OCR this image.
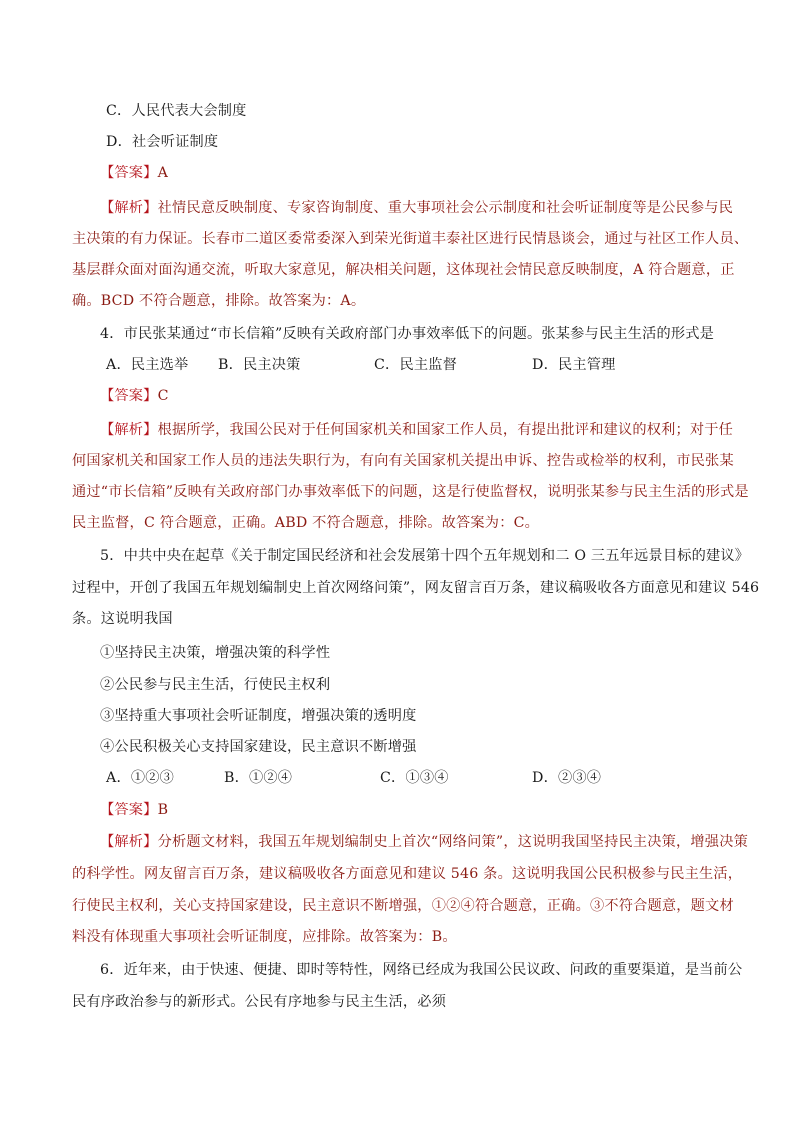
C．人民代表大会制度
D．社会听证制度
【答案】A
【解析】社情民意反映制度、专家咨询制度、重大事项社会公示制度和社会听证制度等是公民参与民
主决策的有力保证。长春市二道区委常委深入到荣光街道丰泰社区进行民情恳谈会，通过与社区工作人员、
基层群众面对面沟通交流，听取大家意见，解决相关问题，这体现社会情民意反映制度，A 符合题意，正
确。BCD 不符合题意，排除。故答案为：A。
4．市民张某通过“市长信箱”反映有关政府部门办事效率低下的问题。张某参与民主生活的形式是
A．民主选举 B．民主决策	C．民主监督	D．民主管理
【答案】C
【解析】根据所学，我国公民对于任何国家机关和国家工作人员，有提出批评和建议的权利；对于任
何国家机关和国家工作人员的违法失职行为，有向有关国家机关提出申诉、控告或检举的权利，市民张某
通过“市长信箱”反映有关政府部门办事效率低下的问题，这是行使监督权，说明张某参与民主生活的形式是
民主监督，C 符合题意，正确。ABD 不符合题意，排除。故答案为：C。
5．中共中央在起草《关于制定国民经济和社会发展第十四个五年规划和二 O 三五年远景目标的建议》
过程中，开创了我国五年规划编制史上首次网络问策”，网友留言百万条，建议稿吸收各方面意见和建议 546
条。这说明我国
①坚持民主决策，增强决策的科学性
②公民参与民主生活，行使民主权利
③坚持重大事项社会听证制度，增强决策的透明度
④公民积极关心支持国家建设，民主意识不断增强
A．①②③	B．①②④	C．①③④	D．②③④
【答案】B
【解析】分析题文材料，我国五年规划编制史上首次“网络问策”，这说明我国坚持民主决策，增强决策
的科学性。网友留言百万条，建议稿吸收各方面意见和建议 546 条。这说明我国公民积极参与民主生活，
行使民主权利，关心支持国家建设，民主意识不断增强，①②④符合题意，正确。③不符合题意，题文材
料没有体现重大事项社会听证制度，应排除。故答案为：B。
6．近年来，由于快速、便捷、即时等特性，网络已经成为我国公民议政、问政的重要渠道，是当前公
民有序政治参与的新形式。公民有序地参与民主生活，必须
